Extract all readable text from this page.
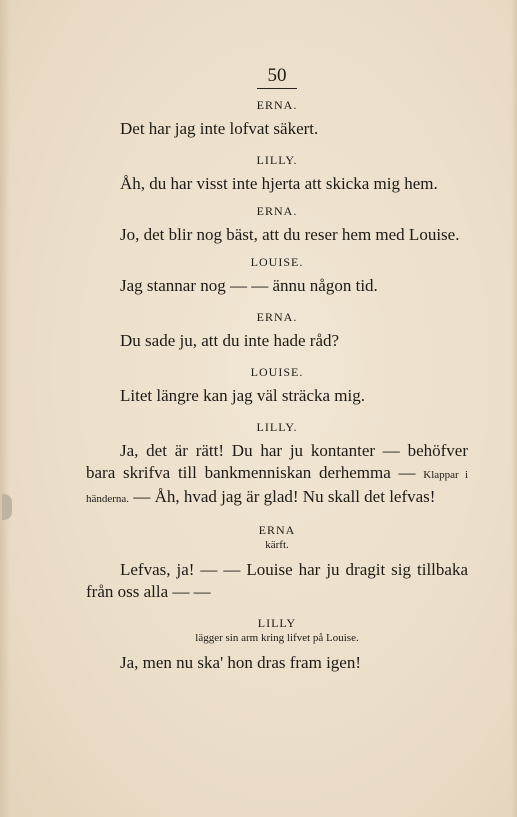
50

ERNA.

Det har jag inte lofvat säkert.

LILLY.

Åh, du har visst inte hjerta att skicka mig hem.

ERNA.

Jo, det blir nog bäst, att du reser hem med Louise.

LOUISE.

Jag stannar nog — — ännu någon tid.

ERNA.

Du sade ju, att du inte hade råd?

LOUISE.

Litet längre kan jag väl sträcka mig.

LILLY.

Ja, det är rätt! Du har ju kontanter — behöfver bara skrifva till bankmenniskan derhemma — Klappar i händerna. — Åh, hvad jag är glad! Nu skall det lefvas!

ERNA

kärft.

Lefvas, ja! — — Louise har ju dragit sig tillbaka från oss alla — —

LILLY

lägger sin arm kring lifvet på Louise.

Ja, men nu ska' hon dras fram igen!
